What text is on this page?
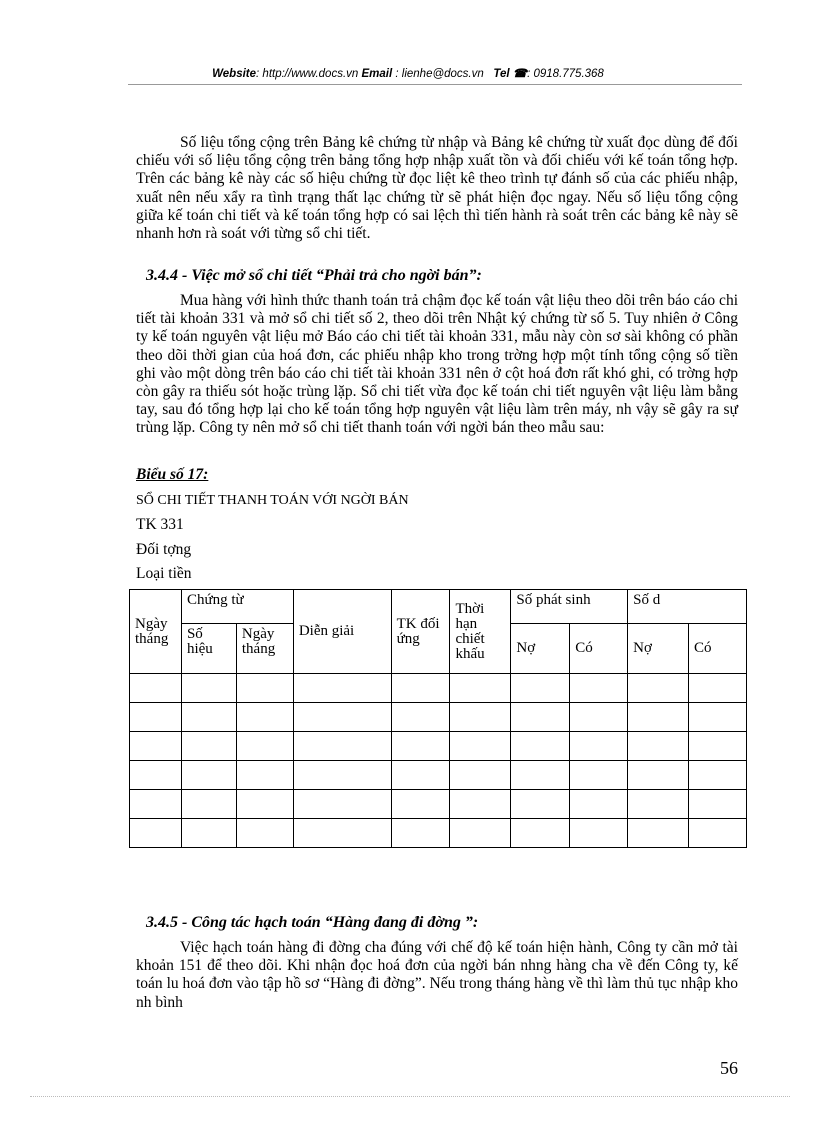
Website: http://www.docs.vn Email : lienhe@docs.vn Tel ☎: 0918.775.368

Số liệu tổng cộng trên Bảng kê chứng từ nhập và Bảng kê chứng từ xuất đọc dùng để đối chiếu với số liệu tổng cộng trên bảng tổng hợp nhập xuất tồn và đối chiếu với kế toán tổng hợp. Trên các bảng kê này các số hiệu chứng từ đọc liệt kê theo trình tự đánh số của các phiếu nhập, xuất nên nếu xẩy ra tình trạng thất lạc chứng từ sẽ phát hiện đọc ngay. Nếu số liệu tổng cộng giữa kế toán chi tiết và kế toán tổng hợp có sai lệch thì tiến hành rà soát trên các bảng kê này sẽ nhanh hơn rà soát với từng sổ chi tiết.

3.4.4 - Việc mở sổ chi tiết “Phải trả cho ngời bán”:

Mua hàng với hình thức thanh toán trả chậm đọc kế toán vật liệu theo dõi trên báo cáo chi tiết tài khoản 331 và mở sổ chi tiết số 2, theo dõi trên Nhật ký chứng từ số 5. Tuy nhiên ở Công ty kế toán nguyên vật liệu mở Báo cáo chi tiết tài khoản 331, mẫu này còn sơ sài không có phần theo dõi thời gian của hoá đơn, các phiếu nhập kho trong trờng hợp một tính tổng cộng số tiền ghi vào một dòng trên báo cáo chi tiết tài khoản 331 nên ở cột hoá đơn rất khó ghi, có trờng hợp còn gây ra thiếu sót hoặc trùng lặp. Sổ chi tiết vừa đọc kế toán chi tiết nguyên vật liệu làm bằng tay, sau đó tổng hợp lại cho kế toán tổng hợp nguyên vật liệu làm trên máy, nh vậy sẽ gây ra sự trùng lặp. Công ty nên mở sổ chi tiết thanh toán với ngời bán theo mẫu sau:

Biểu số 17:

SỔ CHI TIẾT THANH TOÁN VỚI NGỜI BÁN

TK 331

Đối tợng

Loại tiền

Ngày tháng	Chứng từ		Diễn giải	TK đối ứng	Thời hạn chiết khấu	Số phát sinh		Số d	
	Số hiệu	Ngày tháng				Nợ	Có	Nợ	Có

3.4.5 - Công tác hạch toán “Hàng đang đi đờng ”:

Việc hạch toán hàng đi đờng cha đúng với chế độ kế toán hiện hành, Công ty cần mở tài khoản 151 để theo dõi. Khi nhận đọc hoá đơn của ngời bán nhng hàng cha về đến Công ty, kế toán lu hoá đơn vào tập hồ sơ “Hàng đi đờng”. Nếu trong tháng hàng về thì làm thủ tục nhập kho nh bình

56
